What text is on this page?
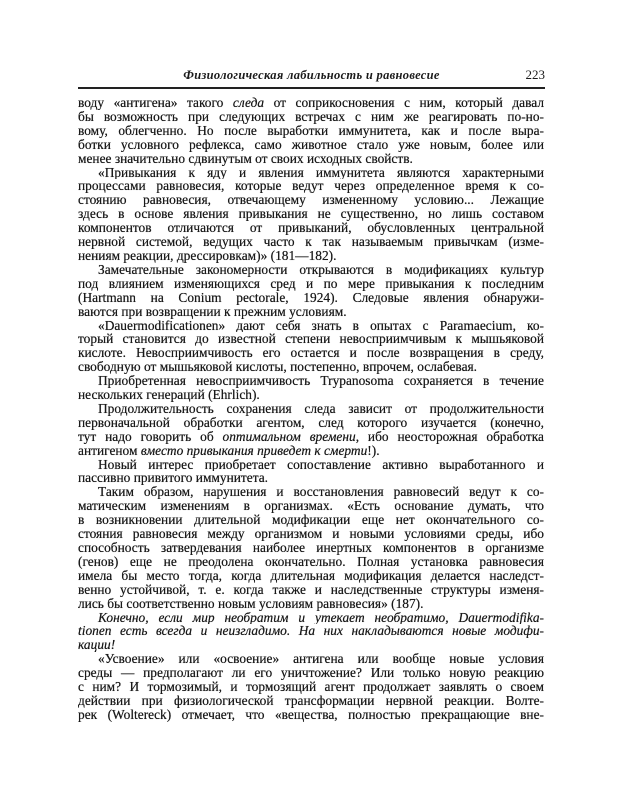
Физиологическая лабильность и равновесие	223
воду «антигена» такого следа от соприкосновения с ним, который давал
бы возможность при следующих встречах с ним же реагировать по-но-
вому, облегченно. Но после выработки иммунитета, как и после выра-
ботки условного рефлекса, само животное стало уже новым, более или
менее значительно сдвинутым от своих исходных свойств.
«Привыкания к яду и явления иммунитета являются характерными
процессами равновесия, которые ведут через определенное время к со-
стоянию равновесия, отвечающему измененному условию... Лежащие
здесь в основе явления привыкания не существенно, но лишь составом
компонентов отличаются от привыканий, обусловленных центральной
нервной системой, ведущих часто к так называемым привычкам (изме-
нениям реакции, дрессировкам)» (181—182).
Замечательные закономерности открываются в модификациях культур
под влиянием изменяющихся сред и по мере привыкания к последним
(Hartmann на Conium pectorale, 1924). Следовые явления обнаружи-
ваются при возвращении к прежним условиям.
«Dauermodificationen» дают себя знать в опытах с Paramaecium, ко-
торый становится до известной степени невосприимчивым к мышьяковой
кислоте. Невосприимчивость его остается и после возвращения в среду,
свободную от мышьяковой кислоты, постепенно, впрочем, ослабевая.
Приобретенная невосприимчивость Trypanosoma сохраняется в течение
нескольких генераций (Ehrlich).
Продолжительность сохранения следа зависит от продолжительности
первоначальной обработки агентом, след которого изучается (конечно,
тут надо говорить об оптимальном времени, ибо неосторожная обработка
антигеном вместо привыкания приведет к смерти!).
Новый интерес приобретает сопоставление активно выработанного и
пассивно привитого иммунитета.
Таким образом, нарушения и восстановления равновесий ведут к со-
матическим изменениям в организмах. «Есть основание думать, что
в возникновении длительной модификации еще нет окончательного со-
стояния равновесия между организмом и новыми условиями среды, ибо
способность затвердевания наиболее инертных компонентов в организме
(генов) еще не преодолена окончательно. Полная установка равновесия
имела бы место тогда, когда длительная модификация делается наследст-
венно устойчивой, т. е. когда также и наследственные структуры изменя-
лись бы соответственно новым условиям равновесия» (187).
Конечно, если мир необратим и утекает необратимо, Dauermodifika-
tionen есть всегда и неизгладимо. На них накладываются новые модифи-
кации!
«Усвоение» или «освоение» антигена или вообще новые условия
среды — предполагают ли его уничтожение? Или только новую реакцию
с ним? И тормозимый, и тормозящий агент продолжает заявлять о своем
действии при физиологической трансформации нервной реакции. Волте-
рек (Woltereck) отмечает, что «вещества, полностью прекращающие вне-
